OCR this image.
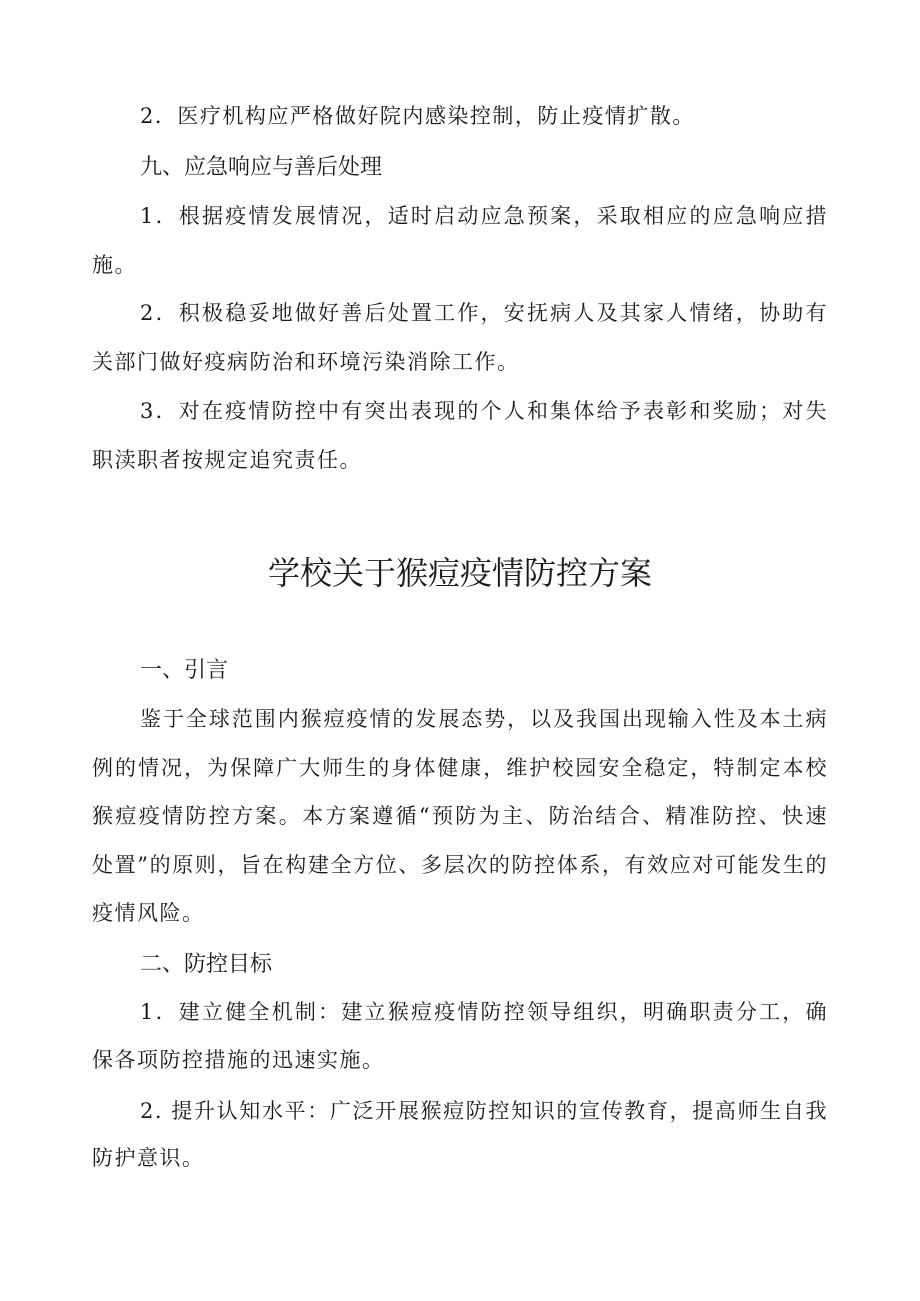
2．医疗机构应严格做好院内感染控制，防止疫情扩散。
九、应急响应与善后处理
1．根据疫情发展情况，适时启动应急预案，采取相应的应急响应措
施。
2．积极稳妥地做好善后处置工作，安抚病人及其家人情绪，协助有
关部门做好疫病防治和环境污染消除工作。
3．对在疫情防控中有突出表现的个人和集体给予表彰和奖励；对失
职渎职者按规定追究责任。
学校关于猴痘疫情防控方案
一、引言
鉴于全球范围内猴痘疫情的发展态势，以及我国出现输入性及本土病
例的情况，为保障广大师生的身体健康，维护校园安全稳定，特制定本校
猴痘疫情防控方案。本方案遵循“预防为主、防治结合、精准防控、快速
处置”的原则，旨在构建全方位、多层次的防控体系，有效应对可能发生的
疫情风险。
二、防控目标
1．建立健全机制：建立猴痘疫情防控领导组织，明确职责分工，确
保各项防控措施的迅速实施。
2. 提升认知水平：广泛开展猴痘防控知识的宣传教育，提高师生自我
防护意识。
